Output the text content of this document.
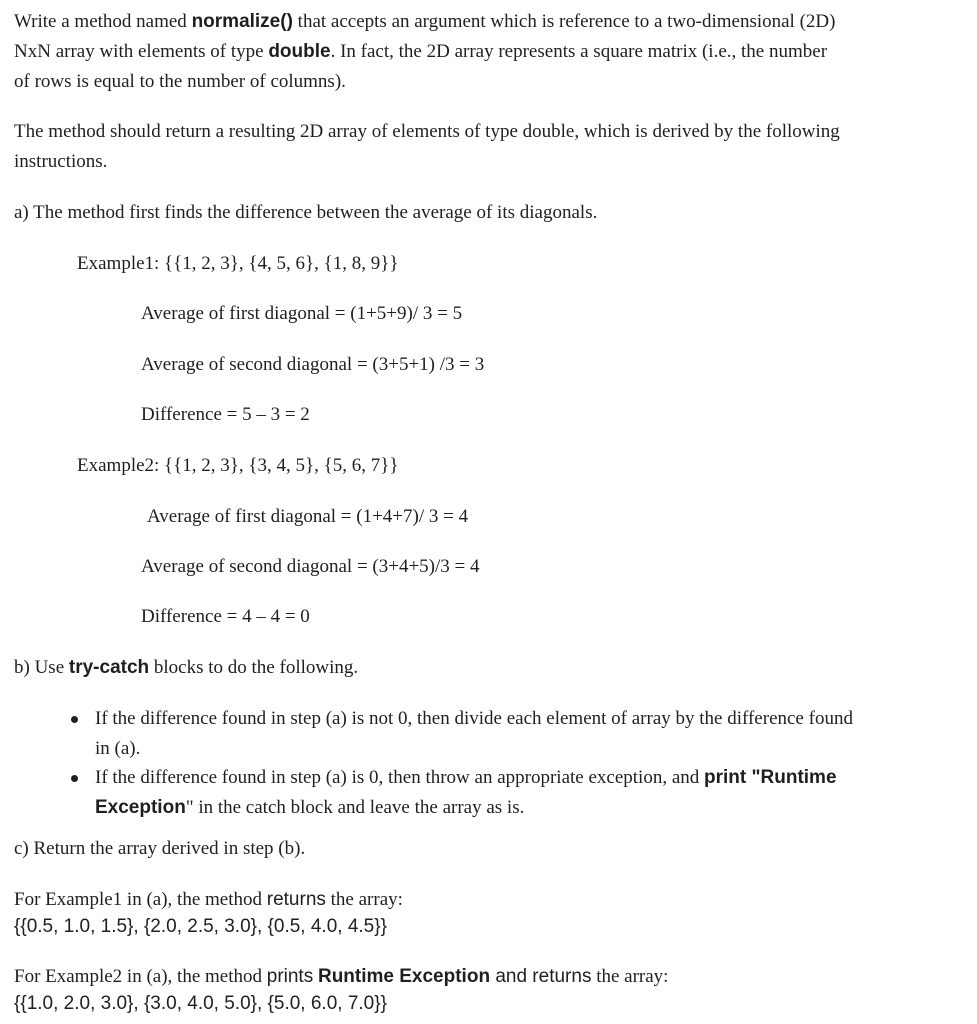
Write a method named normalize() that accepts an argument which is reference to a two-dimensional (2D)
NxN array with elements of type double. In fact, the 2D array represents a square matrix (i.e., the number
of rows is equal to the number of columns).
The method should return a resulting 2D array of elements of type double, which is derived by the following
instructions.
a) The method first finds the difference between the average of its diagonals.
Example1: {{1, 2, 3}, {4, 5, 6}, {1, 8, 9}}
Average of first diagonal = (1+5+9)/ 3 = 5
Average of second diagonal = (3+5+1) /3 = 3
Difference = 5 – 3 = 2
Example2: {{1, 2, 3}, {3, 4, 5}, {5, 6, 7}}
Average of first diagonal = (1+4+7)/ 3 = 4
Average of second diagonal = (3+4+5)/3 = 4
Difference = 4 – 4 = 0
b) Use try-catch blocks to do the following.
If the difference found in step (a) is not 0, then divide each element of array by the difference found
in (a).
If the difference found in step (a) is 0, then throw an appropriate exception, and print "Runtime
Exception" in the catch block and leave the array as is.
c) Return the array derived in step (b).
For Example1 in (a), the method returns the array:
{{0.5, 1.0, 1.5}, {2.0, 2.5, 3.0}, {0.5, 4.0, 4.5}}
For Example2 in (a), the method prints Runtime Exception and returns the array:
{{1.0, 2.0, 3.0}, {3.0, 4.0, 5.0}, {5.0, 6.0, 7.0}}
